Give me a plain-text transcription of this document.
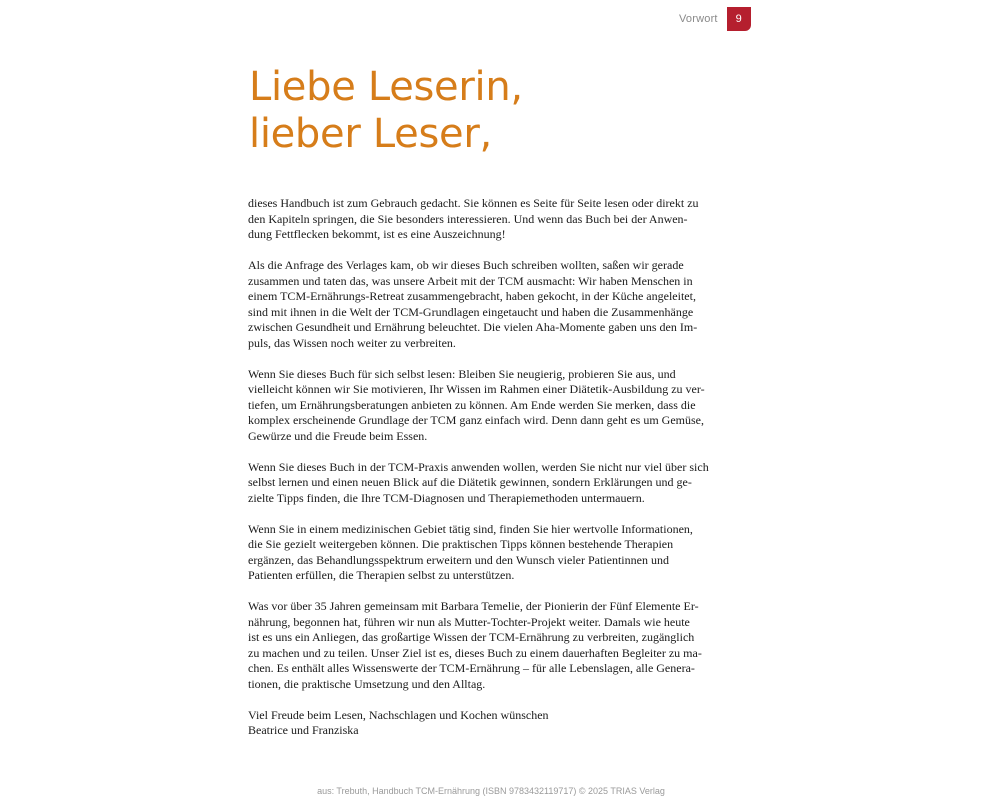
Vorwort	9
Liebe Leserin,
lieber Leser,

dieses Handbuch ist zum Gebrauch gedacht. Sie können es Seite für Seite lesen oder direkt zu
den Kapiteln springen, die Sie besonders interessieren. Und wenn das Buch bei der Anwen-
dung Fettflecken bekommt, ist es eine Auszeichnung!

Als die Anfrage des Verlages kam, ob wir dieses Buch schreiben wollten, saßen wir gerade
zusammen und taten das, was unsere Arbeit mit der TCM ausmacht: Wir haben Menschen in
einem TCM-Ernährungs-Retreat zusammengebracht, haben gekocht, in der Küche angeleitet,
sind mit ihnen in die Welt der TCM-Grundlagen eingetaucht und haben die Zusammenhänge
zwischen Gesundheit und Ernährung beleuchtet. Die vielen Aha-Momente gaben uns den Im-
puls, das Wissen noch weiter zu verbreiten.

Wenn Sie dieses Buch für sich selbst lesen: Bleiben Sie neugierig, probieren Sie aus, und
vielleicht können wir Sie motivieren, Ihr Wissen im Rahmen einer Diätetik-Ausbildung zu ver-
tiefen, um Ernährungsberatungen anbieten zu können. Am Ende werden Sie merken, dass die
komplex erscheinende Grundlage der TCM ganz einfach wird. Denn dann geht es um Gemüse,
Gewürze und die Freude beim Essen.

Wenn Sie dieses Buch in der TCM-Praxis anwenden wollen, werden Sie nicht nur viel über sich
selbst lernen und einen neuen Blick auf die Diätetik gewinnen, sondern Erklärungen und ge-
zielte Tipps finden, die Ihre TCM-Diagnosen und Therapiemethoden untermauern.

Wenn Sie in einem medizinischen Gebiet tätig sind, finden Sie hier wertvolle Informationen,
die Sie gezielt weitergeben können. Die praktischen Tipps können bestehende Therapien
ergänzen, das Behandlungsspektrum erweitern und den Wunsch vieler Patientinnen und
Patienten erfüllen, die Therapien selbst zu unterstützen.

Was vor über 35 Jahren gemeinsam mit Barbara Temelie, der Pionierin der Fünf Elemente Er-
nährung, begonnen hat, führen wir nun als Mutter-Tochter-Projekt weiter. Damals wie heute
ist es uns ein Anliegen, das großartige Wissen der TCM-Ernährung zu verbreiten, zugänglich
zu machen und zu teilen. Unser Ziel ist es, dieses Buch zu einem dauerhaften Begleiter zu ma-
chen. Es enthält alles Wissenswerte der TCM-Ernährung – für alle Lebenslagen, alle Genera-
tionen, die praktische Umsetzung und den Alltag.

Viel Freude beim Lesen, Nachschlagen und Kochen wünschen
Beatrice und Franziska

aus: Trebuth, Handbuch TCM-Ernährung (ISBN 9783432119717) © 2025 TRIAS Verlag
